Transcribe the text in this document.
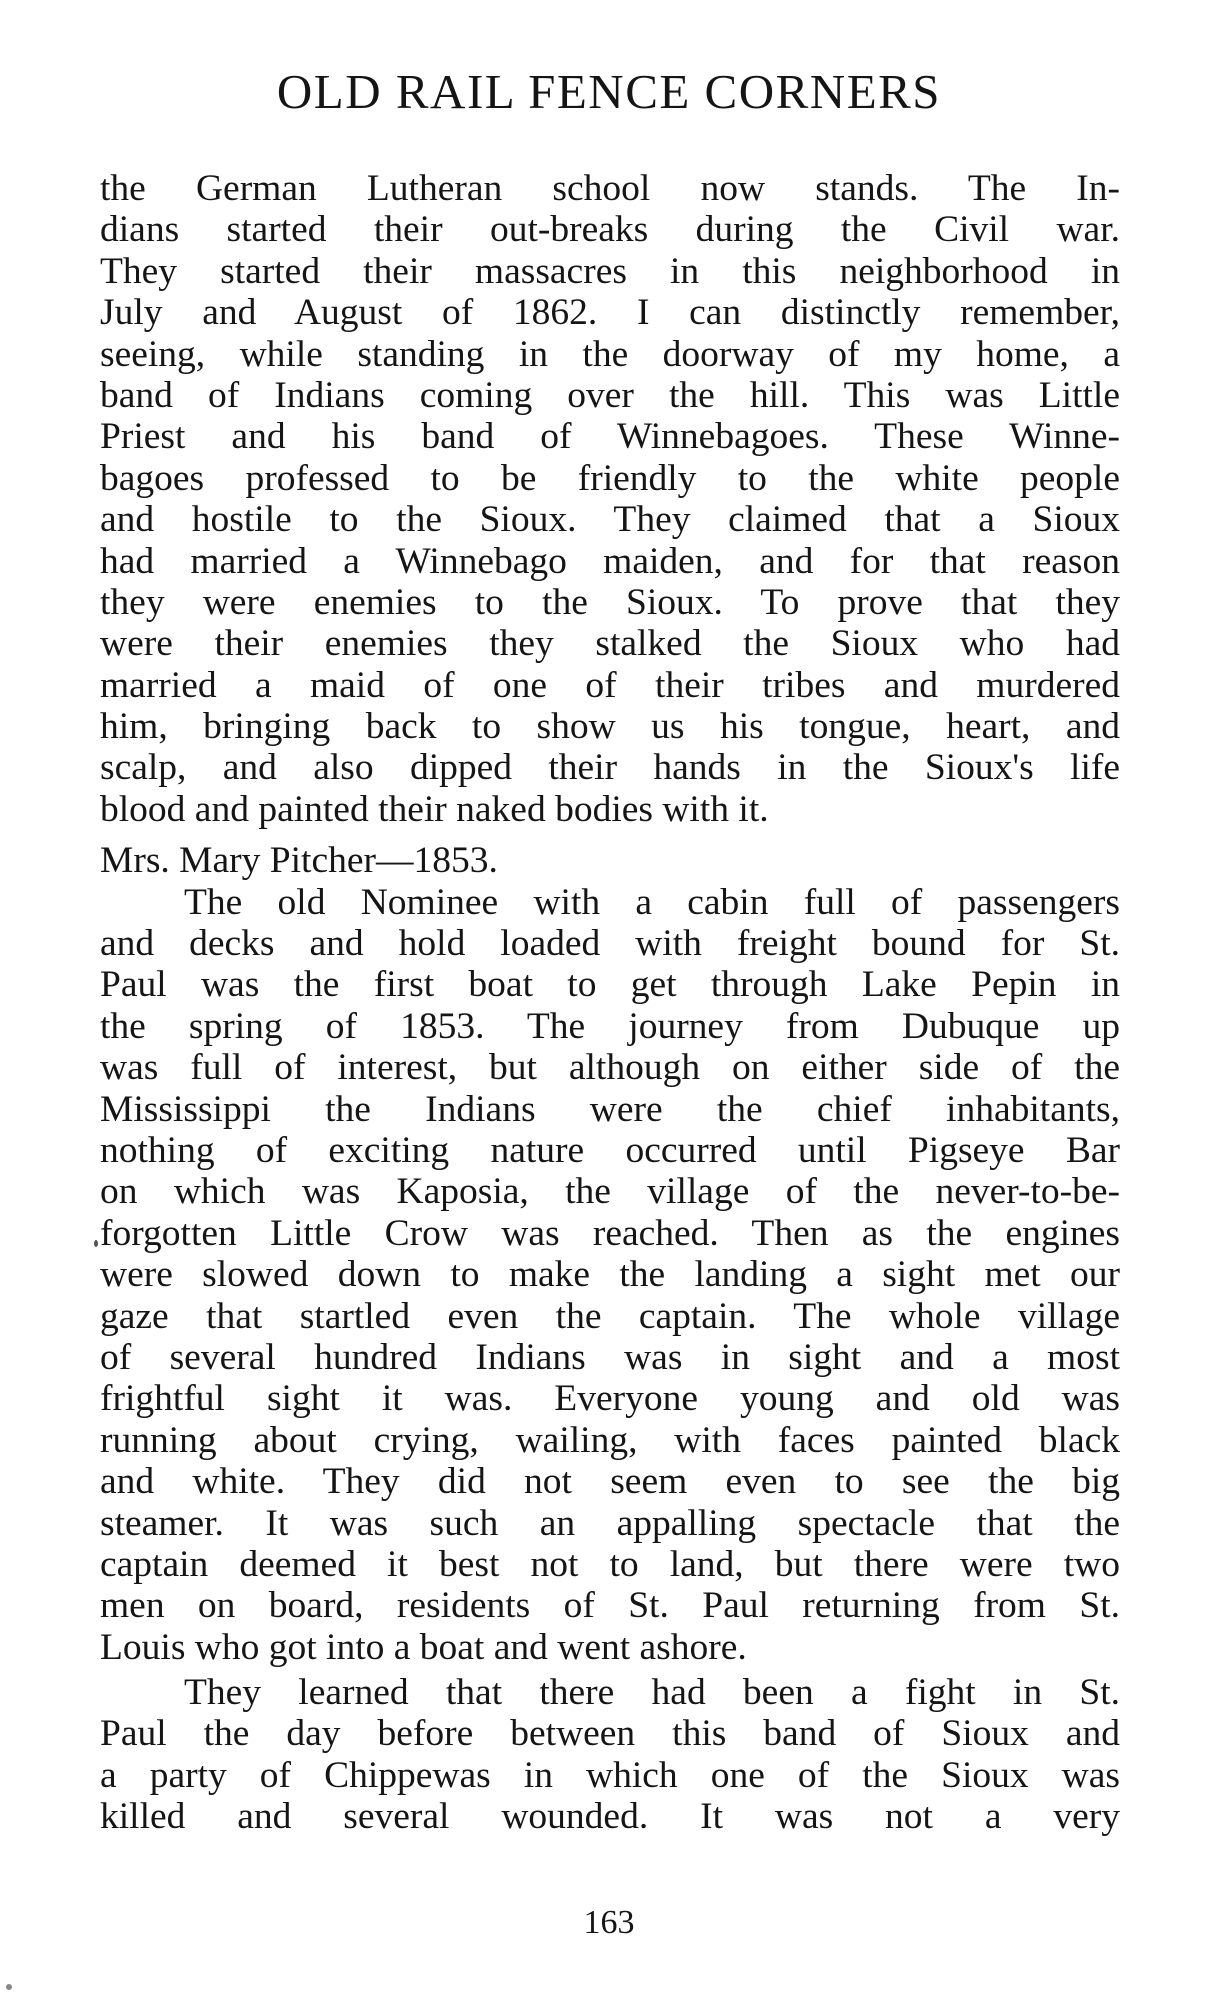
OLD RAIL FENCE CORNERS
the German Lutheran school now stands. The In-
dians started their out-breaks during the Civil war.
They started their massacres in this neighborhood in
July and August of 1862. I can distinctly remember,
seeing, while standing in the doorway of my home, a
band of Indians coming over the hill. This was Little
Priest and his band of Winnebagoes. These Winne-
bagoes professed to be friendly to the white people
and hostile to the Sioux. They claimed that a Sioux
had married a Winnebago maiden, and for that reason
they were enemies to the Sioux. To prove that they
were their enemies they stalked the Sioux who had
married a maid of one of their tribes and murdered
him, bringing back to show us his tongue, heart, and
scalp, and also dipped their hands in the Sioux's life
blood and painted their naked bodies with it.
Mrs. Mary Pitcher—1853.
The old Nominee with a cabin full of passengers
and decks and hold loaded with freight bound for St.
Paul was the first boat to get through Lake Pepin in
the spring of 1853. The journey from Dubuque up
was full of interest, but although on either side of the
Mississippi the Indians were the chief inhabitants,
nothing of exciting nature occurred until Pigseye Bar
on which was Kaposia, the village of the never-to-be-
forgotten Little Crow was reached. Then as the engines
were slowed down to make the landing a sight met our
gaze that startled even the captain. The whole village
of several hundred Indians was in sight and a most
frightful sight it was. Everyone young and old was
running about crying, wailing, with faces painted black
and white. They did not seem even to see the big
steamer. It was such an appalling spectacle that the
captain deemed it best not to land, but there were two
men on board, residents of St. Paul returning from St.
Louis who got into a boat and went ashore.
They learned that there had been a fight in St.
Paul the day before between this band of Sioux and
a party of Chippewas in which one of the Sioux was
killed and several wounded. It was not a very
163
